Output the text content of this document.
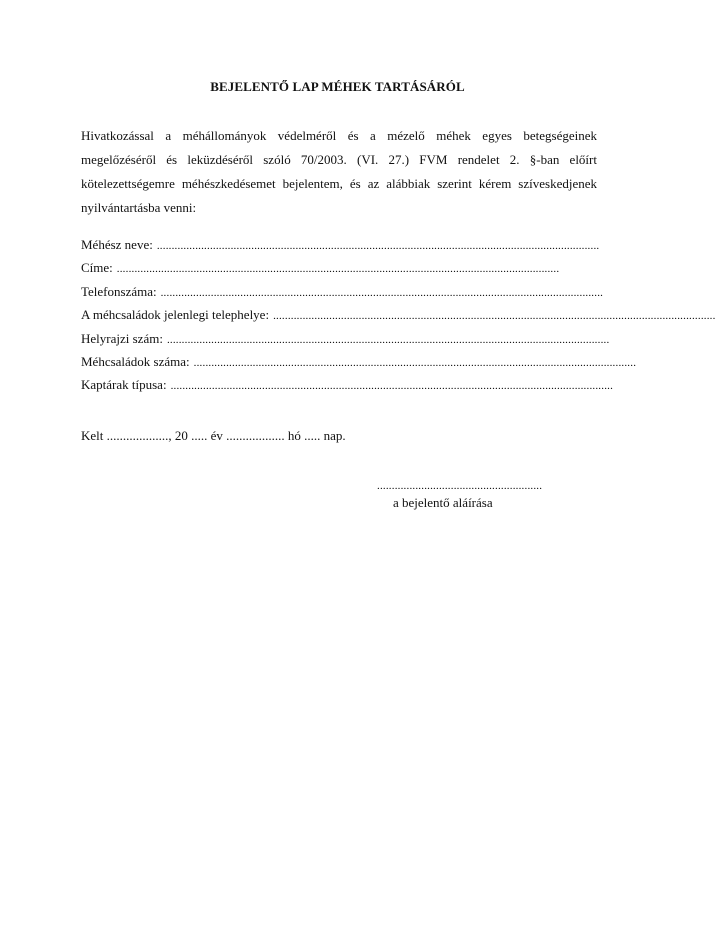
BEJELENTŐ LAP MÉHEK TARTÁSÁRÓL

Hivatkozással a méhállományok védelméről és a mézelő méhek egyes betegségeinek megelőzéséről és leküzdéséről szóló 70/2003. (VI. 27.) FVM rendelet 2. §-ban előírt kötelezettségemre méhészkedésemet bejelentem, és az alábbiak szerint kérem szíveskedjenek nyilvántartásba venni:

Méhész neve: ......................................................................................................................................................
Címe: ......................................................................................................................................................
Telefonszáma: ......................................................................................................................................................
A méhcsaládok jelenlegi telephelye: ......................................................................................................................................................
Helyrajzi szám: ......................................................................................................................................................
Méhcsaládok száma: ......................................................................................................................................................
Kaptárak típusa: ......................................................................................................................................................
Kelt ..................., 20 ..... év .................. hó ..... nap.
........................................................
a bejelentő aláírása
